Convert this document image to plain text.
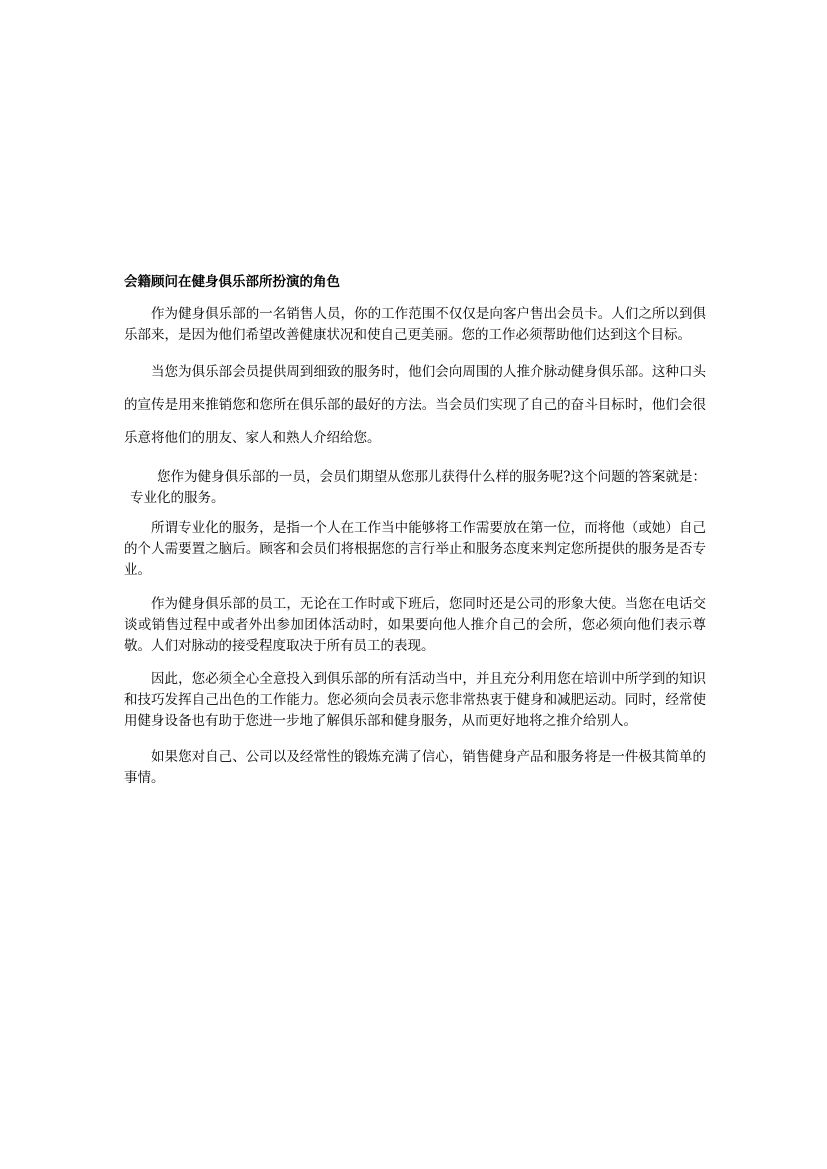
会籍顾问在健身俱乐部所扮演的角色

作为健身俱乐部的一名销售人员，你的工作范围不仅仅是向客户售出会员卡。人们之所以到俱乐部来，是因为他们希望改善健康状况和使自己更美丽。您的工作必须帮助他们达到这个目标。

当您为俱乐部会员提供周到细致的服务时，他们会向周围的人推介脉动健身俱乐部。这种口头的宣传是用来推销您和您所在俱乐部的最好的方法。当会员们实现了自己的奋斗目标时，他们会很乐意将他们的朋友、家人和熟人介绍给您。

您作为健身俱乐部的一员，会员们期望从您那儿获得什么样的服务呢?这个问题的答案就是：专业化的服务。

所谓专业化的服务，是指一个人在工作当中能够将工作需要放在第一位，而将他（或她）自己的个人需要置之脑后。顾客和会员们将根据您的言行举止和服务态度来判定您所提供的服务是否专业。

作为健身俱乐部的员工，无论在工作时或下班后，您同时还是公司的形象大使。当您在电话交谈或销售过程中或者外出参加团体活动时，如果要向他人推介自己的会所，您必须向他们表示尊敬。人们对脉动的接受程度取决于所有员工的表现。

因此，您必须全心全意投入到俱乐部的所有活动当中，并且充分利用您在培训中所学到的知识和技巧发挥自己出色的工作能力。您必须向会员表示您非常热衷于健身和减肥运动。同时，经常使用健身设备也有助于您进一步地了解俱乐部和健身服务，从而更好地将之推介给别人。

如果您对自己、公司以及经常性的锻炼充满了信心，销售健身产品和服务将是一件极其简单的事情。
